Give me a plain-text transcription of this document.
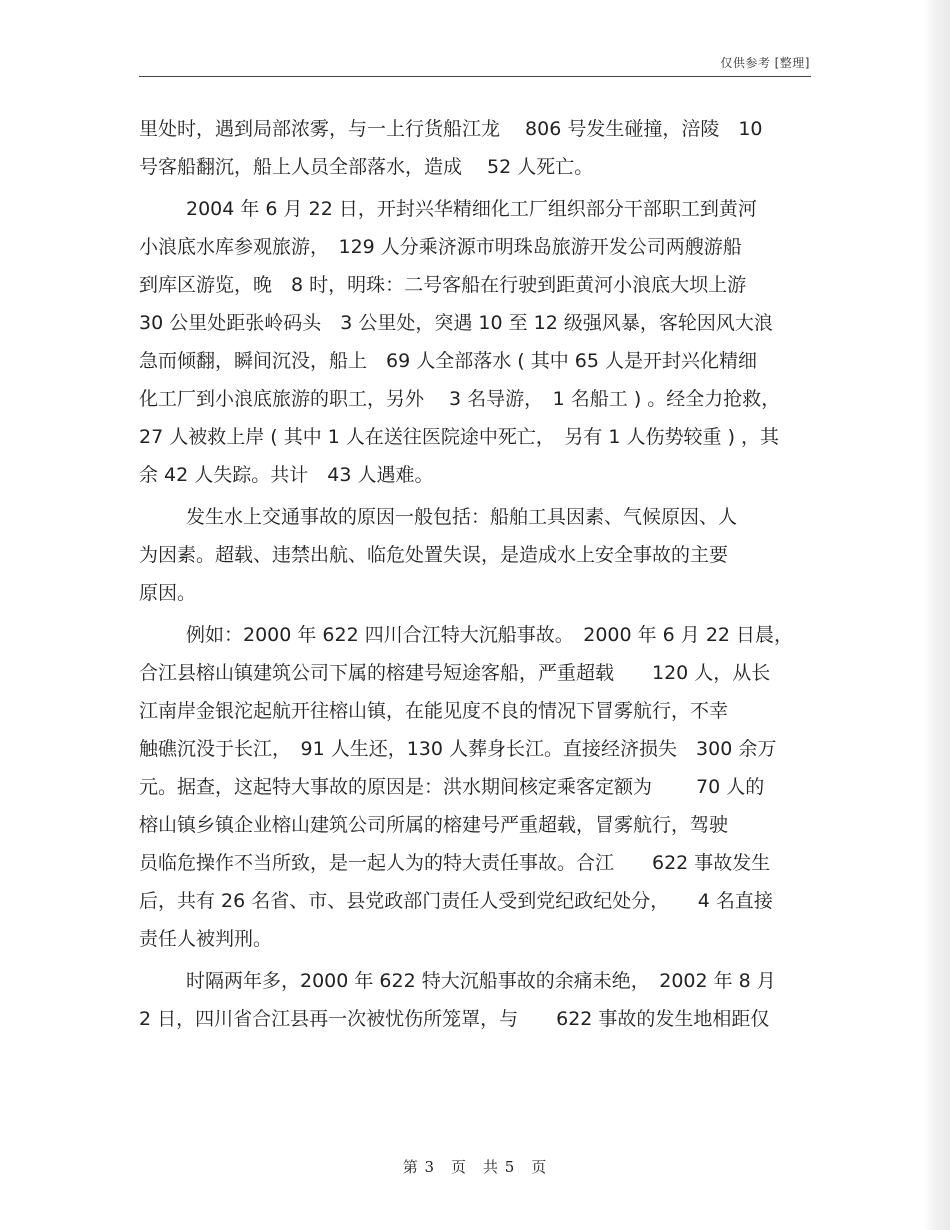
仅供参考 [整理]
里处时，遇到局部浓雾，与一上行货船江龙　 806 号发生碰撞，涪陵　10
号客船翻沉，船上人员全部落水，造成　 52 人死亡。
2004 年 6 月 22 日，开封兴华精细化工厂组织部分干部职工到黄河
小浪底水库参观旅游，　129 人分乘济源市明珠岛旅游开发公司两艘游船
到库区游览，晚　8 时，明珠：二号客船在行驶到距黄河小浪底大坝上游
30 公里处距张岭码头　3 公里处，突遇 10 至 12 级强风暴，客轮因风大浪
急而倾翻，瞬间沉没，船上　69 人全部落水 ( 其中 65 人是开封兴化精细
化工厂到小浪底旅游的职工，另外　 3 名导游，　1 名船工 ) 。经全力抢救，
27 人被救上岸 ( 其中 1 人在送往医院途中死亡，　另有 1 人伤势较重 ) ，其
余 42 人失踪。共计　43 人遇难。
发生水上交通事故的原因一般包括：船舶工具因素、气候原因、人
为因素。超载、违禁出航、临危处置失误，是造成水上安全事故的主要
原因。
例如：2000 年 622 四川合江特大沉船事故。　2000 年 6 月 22 日晨，
合江县榕山镇建筑公司下属的榕建号短途客船，严重超载　　120 人，从长
江南岸金银沱起航开往榕山镇，在能见度不良的情况下冒雾航行，不幸
触礁沉没于长江，　91 人生还，130 人葬身长江。直接经济损失　300 余万
元。据查，这起特大事故的原因是：洪水期间核定乘客定额为　　 70 人的
榕山镇乡镇企业榕山建筑公司所属的榕建号严重超载，冒雾航行，驾驶
员临危操作不当所致，是一起人为的特大责任事故。合江　　622 事故发生
后，共有 26 名省、市、县党政部门责任人受到党纪政纪处分，　　4 名直接
责任人被判刑。
时隔两年多，2000 年 622 特大沉船事故的余痛未绝，　2002 年 8 月
2 日，四川省合江县再一次被忧伤所笼罩，与　　622 事故的发生地相距仅
第 3　页　共 5　页
